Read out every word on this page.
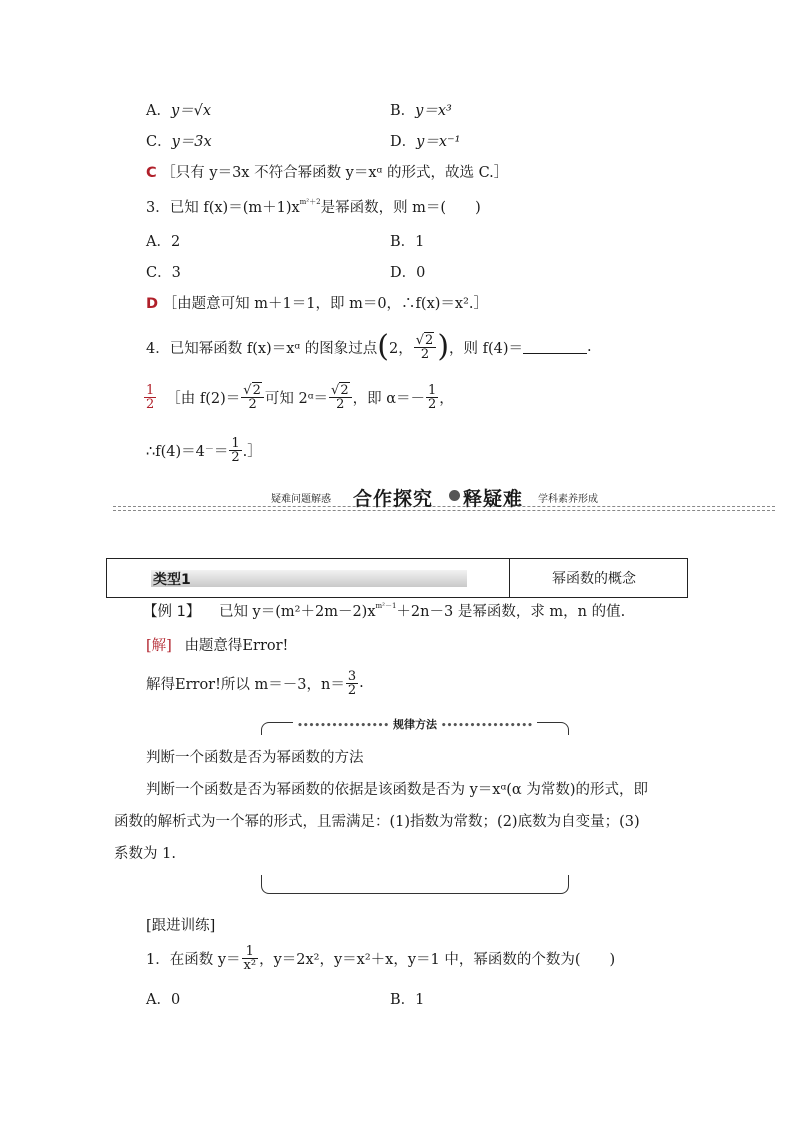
A．y＝√x	B．y＝x³
C．y＝3x	D．y＝x⁻¹
C ［只有 y＝3x 不符合幂函数 y＝xᵅ 的形式，故选 C.］
3．已知 $f(x)=(m+1)x^{m^2+2}$是幂函数，则 m＝(　　)
A．2	B．1
C．3	D．0
D ［由题意可知 m＋1＝1，即 m＝0，∴f(x)＝x².］
4．已知幂函数 f(x)＝xᵅ 的图象过点 ( 2， $\frac{√2}{2}$ ) ，则 f(4)＝	.
$\frac{1}{2}$ ［由 $f(2)= \frac{√2}{2}$ 可知 2ᵅ＝ $\frac{√2}{2}$ ，即 $\alpha=- \frac{1}{2}$ ，
∴f(4)＝4 － ＝ $\frac{1}{2}$ .］
疑难问题解惑 合作探究 释疑难 学科素养形成
类型1	幂函数的概念
【例 1】 已知 $y=(m^2+2m-2)x^{m^2-1}+2n-3$ 是幂函数，求 m，n 的值.
[解] 由题意得Error!
解得Error!所以 m＝－3，$n= \frac{3}{2}$ .
•••••••••••••••• 规律方法 ••••••••••••••••
判断一个函数是否为幂函数的方法
判断一个函数是否为幂函数的依据是该函数是否为 y＝xᵅ(α 为常数)的形式，即
函数的解析式为一个幂的形式，且需满足：(1)指数为常数；(2)底数为自变量；(3)
系数为 1.
[跟进训练]
1．在函数 $y= \frac{1}{\text{x²}}$ ，y＝2x²，y＝x²＋x，y＝1 中，幂函数的个数为(　　)
A．0	B．1
